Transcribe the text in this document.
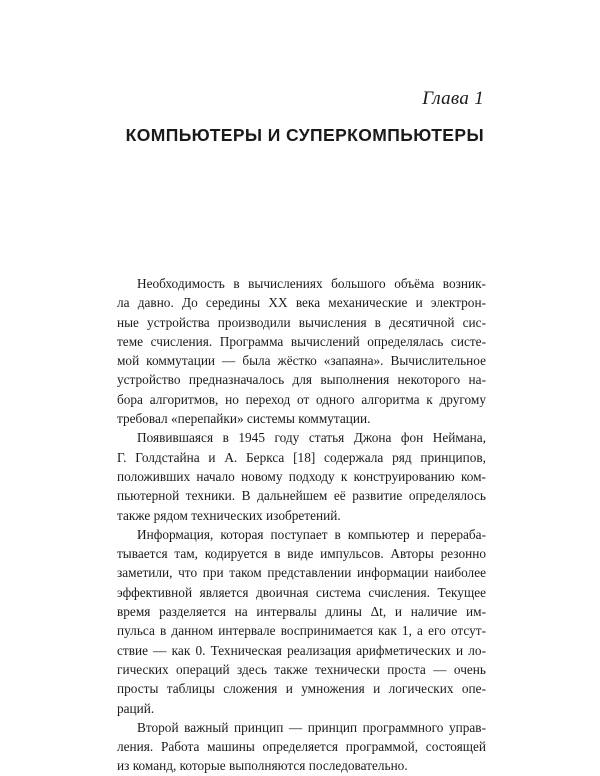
Глава 1
КОМПЬЮТЕРЫ И СУПЕРКОМПЬЮТЕРЫ

Необходимость в вычислениях большого объёма возник-
ла давно. До середины XX века механические и электрон-
ные устройства производили вычисления в десятичной сис-
теме счисления. Программа вычислений определялась систе-
мой коммутации — была жёстко «запаяна». Вычислительное
устройство предназначалось для выполнения некоторого на-
бора алгоритмов, но переход от одного алгоритма к другому
требовал «перепайки» системы коммутации.

Появившаяся в 1945 году статья Джона фон Неймана,
Г. Голдстайна и А. Беркса [18] содержала ряд принципов,
положивших начало новому подходу к конструированию ком-
пьютерной техники. В дальнейшем её развитие определялось
также рядом технических изобретений.

Информация, которая поступает в компьютер и перераба-
тывается там, кодируется в виде импульсов. Авторы резонно
заметили, что при таком представлении информации наиболее
эффективной является двоичная система счисления. Текущее
время разделяется на интервалы длины Δt, и наличие им-
пульса в данном интервале воспринимается как 1, а его отсут-
ствие — как 0. Техническая реализация арифметических и ло-
гических операций здесь также технически проста — очень
просты таблицы сложения и умножения и логических опе-
раций.

Второй важный принцип — принцип программного управ-
ления. Работа машины определяется программой, состоящей
из команд, которые выполняются последовательно.
